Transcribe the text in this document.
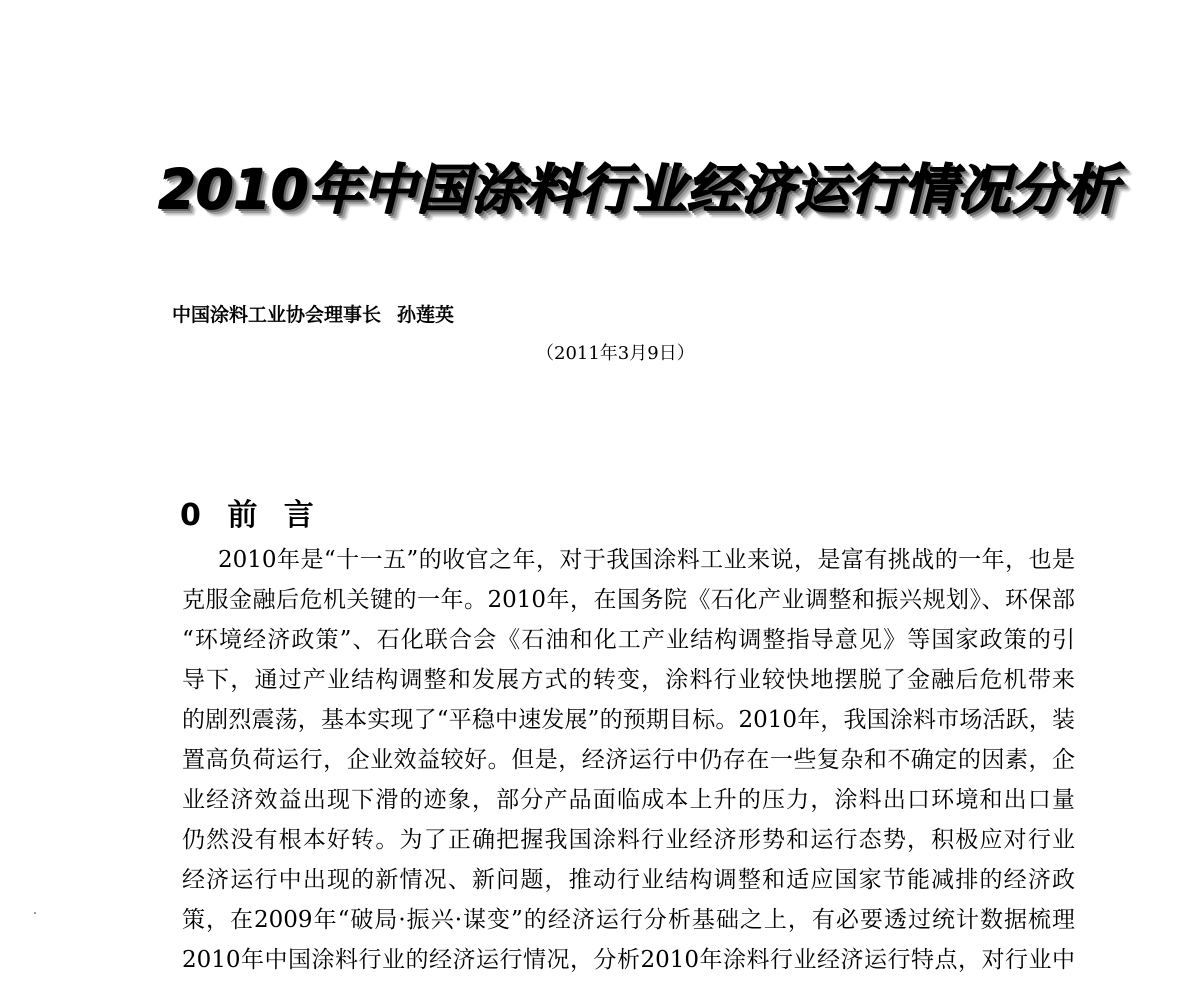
2010年中国涂料行业经济运行情况分析
中国涂料工业协会理事长 孙莲英
（2011年3月9日）
0 前 言
2010年是“十一五”的收官之年，对于我国涂料工业来说，是富有挑战的一年，也是
克服金融后危机关键的一年。2010年，在国务院《石化产业调整和振兴规划》、环保部
“环境经济政策”、石化联合会《石油和化工产业结构调整指导意见》等国家政策的引
导下，通过产业结构调整和发展方式的转变，涂料行业较快地摆脱了金融后危机带来
的剧烈震荡，基本实现了“平稳中速发展”的预期目标。2010年，我国涂料市场活跃，装
置高负荷运行，企业效益较好。但是，经济运行中仍存在一些复杂和不确定的因素，企
业经济效益出现下滑的迹象，部分产品面临成本上升的压力，涂料出口环境和出口量
仍然没有根本好转。为了正确把握我国涂料行业经济形势和运行态势，积极应对行业
经济运行中出现的新情况、新问题，推动行业结构调整和适应国家节能减排的经济政
策，在2009年“破局·振兴·谋变”的经济运行分析基础之上，有必要透过统计数据梳理
2010年中国涂料行业的经济运行情况，分析2010年涂料行业经济运行特点，对行业中
